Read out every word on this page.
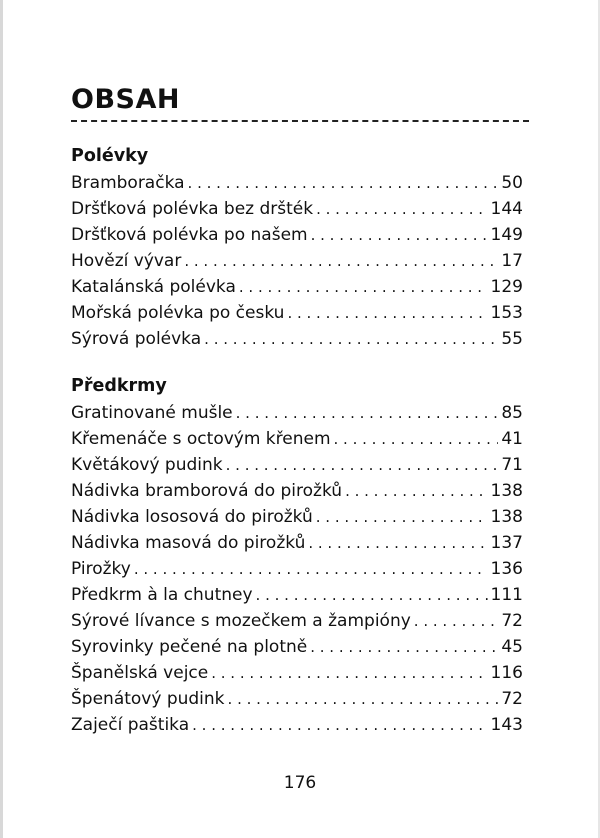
OBSAH
Polévky
Bramboračka . . .	50
Dršťková polévka bez dršték . . .	144
Dršťková polévka po našem . . .	149
Hovězí vývar . . .	17
Katalánská polévka . . .	129
Mořská polévka po česku . . .	153
Sýrová polévka . . .	55
Předkrmy
Gratinované mušle . . .	85
Křemenáče s octovým křenem . . .	41
Květákový pudink . . .	71
Nádivka bramborová do pirožků . . .	138
Nádivka lososová do pirožků . . .	138
Nádivka masová do pirožků . . .	137
Pirožky . . .	136
Předkrm à la chutney . . .	111
Sýrové lívance s mozečkem a žampióny . . .	72
Syrovinky pečené na plotně . . .	45
Španělská vejce . . .	116
Špenátový pudink . . .	72
Zaječí paštika . . .	143
176
